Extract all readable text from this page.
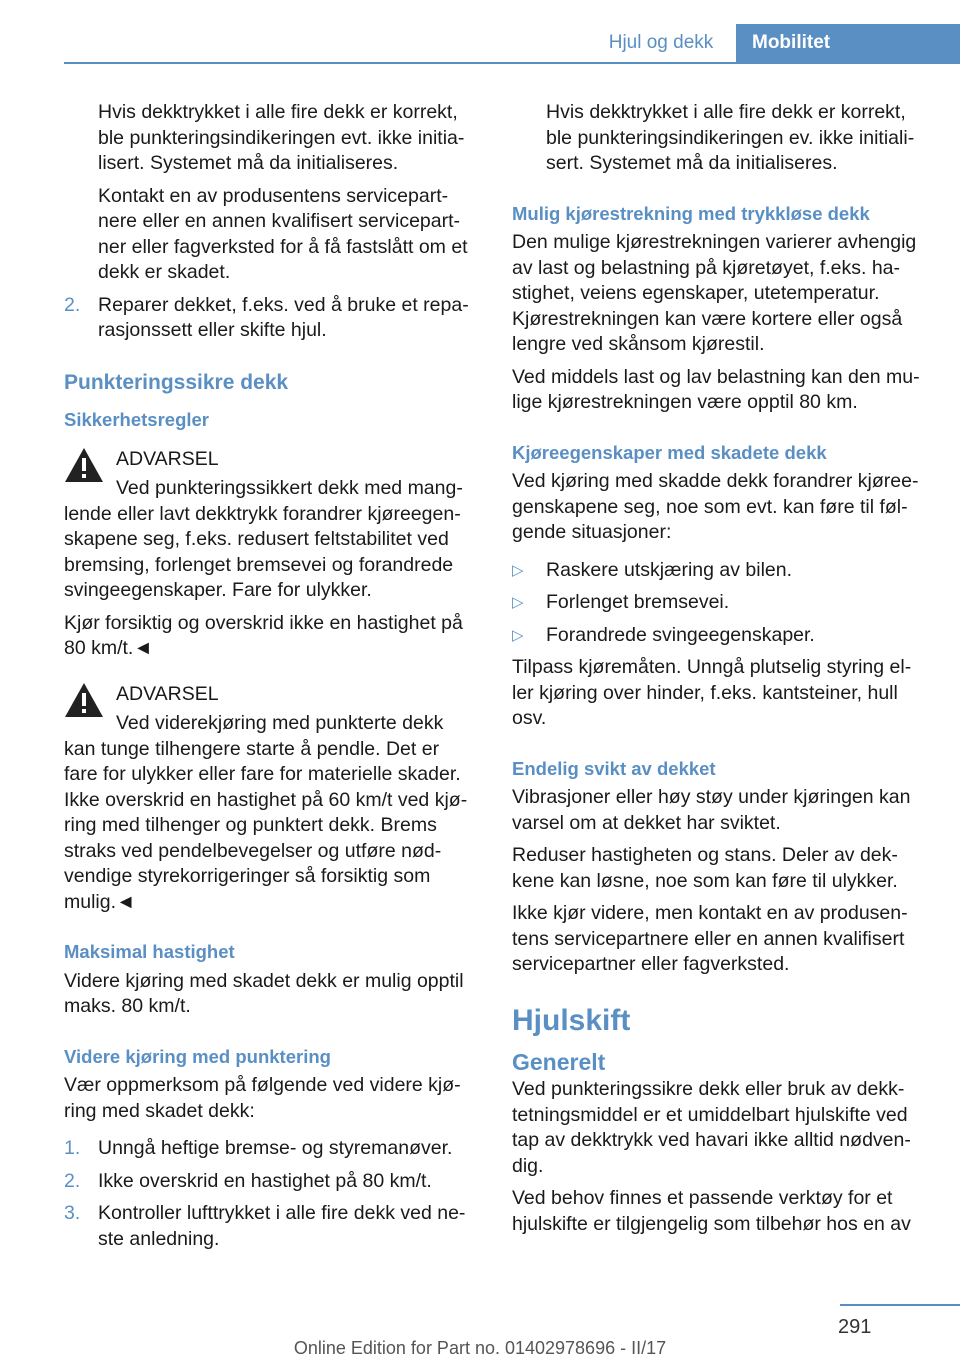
Hjul og dekk	Mobilitet

Hvis dekktrykket i alle fire dekk er korrekt, ble punkteringsindikeringen evt. ikke initialisert. Systemet må da initialiseres.

Kontakt en av produsentens servicepartnere eller en annen kvalifisert servicepartner eller fagverksted for å få fastslått om et dekk er skadet.

2. Reparer dekket, f.eks. ved å bruke et reparasjonssett eller skifte hjul.
Punkteringssikre dekk
Sikkerhetsregler
ADVARSEL

Ved punkteringssikkert dekk med manglende eller lavt dekktrykk forandrer kjøreegenskapene seg, f.eks. redusert feltstabilitet ved bremsing, forlenget bremsevei og forandrede svingeegenskaper. Fare for ulykker.

Kjør forsiktig og overskrid ikke en hastighet på 80 km/t.◄

ADVARSEL

Ved viderekjøring med punkterte dekk kan tunge tilhengere starte å pendle. Det er fare for ulykker eller fare for materielle skader. Ikke overskrid en hastighet på 60 km/t ved kjøring med tilhenger og punktert dekk. Brems straks ved pendelbevegelser og utføre nødvendige styrekorrigeringer så forsiktig som mulig.◄

Maksimal hastighet

Videre kjøring med skadet dekk er mulig opptil maks. 80 km/t.

Videre kjøring med punktering

Vær oppmerksom på følgende ved videre kjøring med skadet dekk:

1. Unngå heftige bremse- og styremanøver.
2. Ikke overskrid en hastighet på 80 km/t.
3. Kontroller lufttrykket i alle fire dekk ved neste anledning.

Hvis dekktrykket i alle fire dekk er korrekt, ble punkteringsindikeringen ev. ikke initialisert. Systemet må da initialiseres.

Mulig kjørestrekning med trykkløse dekk

Den mulige kjørestrekningen varierer avhengig av last og belastning på kjøretøyet, f.eks. hastighet, veiens egenskaper, utetemperatur. Kjørestrekningen kan være kortere eller også lengre ved skånsom kjørestil.

Ved middels last og lav belastning kan den mulige kjørestrekningen være opptil 80 km.

Kjøreegenskaper med skadete dekk

Ved kjøring med skadde dekk forandrer kjøreegenskapene seg, noe som evt. kan føre til følgende situasjoner:

▷	Raskere utskjæring av bilen.
▷	Forlenget bremsevei.
▷	Forandrede svingeegenskaper.

Tilpass kjøremåten. Unngå plutselig styring eller kjøring over hinder, f.eks. kantsteiner, hull osv.

Endelig svikt av dekket

Vibrasjoner eller høy støy under kjøringen kan varsel om at dekket har sviktet.

Reduser hastigheten og stans. Deler av dekkene kan løsne, noe som kan føre til ulykker.

Ikke kjør videre, men kontakt en av produsentens servicepartnere eller en annen kvalifisert servicepartner eller fagverksted.

Hjulskift
Generelt

Ved punkteringssikre dekk eller bruk av dekktetningsmiddel er et umiddelbart hjulskifte ved tap av dekktrykk ved havari ikke alltid nødvendig.

Ved behov finnes et passende verktøy for et hjulskifte er tilgjengelig som tilbehør hos en av

291
Online Edition for Part no. 01402978696 - II/17
